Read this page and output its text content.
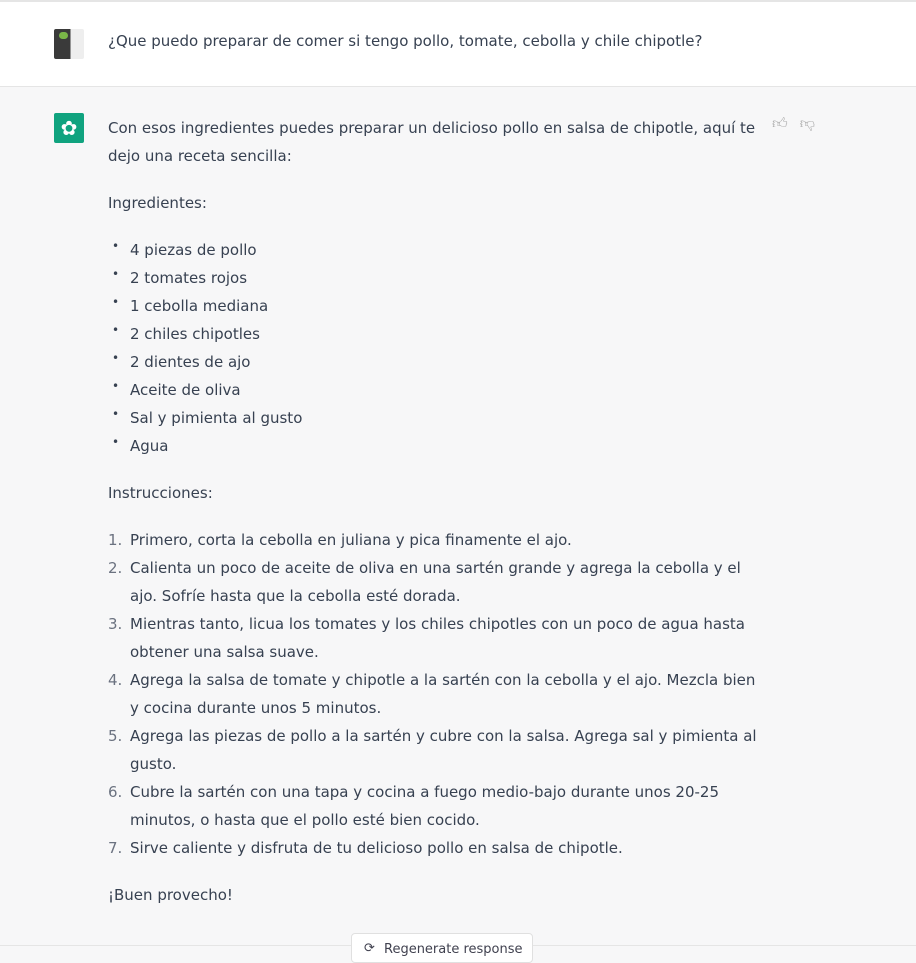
¿Que puedo preparar de comer si tengo pollo, tomate, cebolla y chile chipotle?
✿	Con esos ingredientes puedes preparar un delicioso pollo en salsa de chipotle, aquí te dejo una receta sencilla:

Ingredientes:

• 4 piezas de pollo
• 2 tomates rojos
• 1 cebolla mediana
• 2 chiles chipotles
• 2 dientes de ajo
• Aceite de oliva
• Sal y pimienta al gusto
• Agua

Instrucciones:

1. Primero, corta la cebolla en juliana y pica finamente el ajo.
2. Calienta un poco de aceite de oliva en una sartén grande y agrega la cebolla y el ajo. Sofríe hasta que la cebolla esté dorada.
3. Mientras tanto, licua los tomates y los chiles chipotles con un poco de agua hasta obtener una salsa suave.
4. Agrega la salsa de tomate y chipotle a la sartén con la cebolla y el ajo. Mezcla bien y cocina durante unos 5 minutos.
5. Agrega las piezas de pollo a la sartén y cubre con la salsa. Agrega sal y pimienta al gusto.
6. Cubre la sartén con una tapa y cocina a fuego medio-bajo durante unos 20-25 minutos, o hasta que el pollo esté bien cocido.
7. Sirve caliente y disfruta de tu delicioso pollo en salsa de chipotle.

¡Buen provecho!

👍︎ 👎︎
⟳ Regenerate response
